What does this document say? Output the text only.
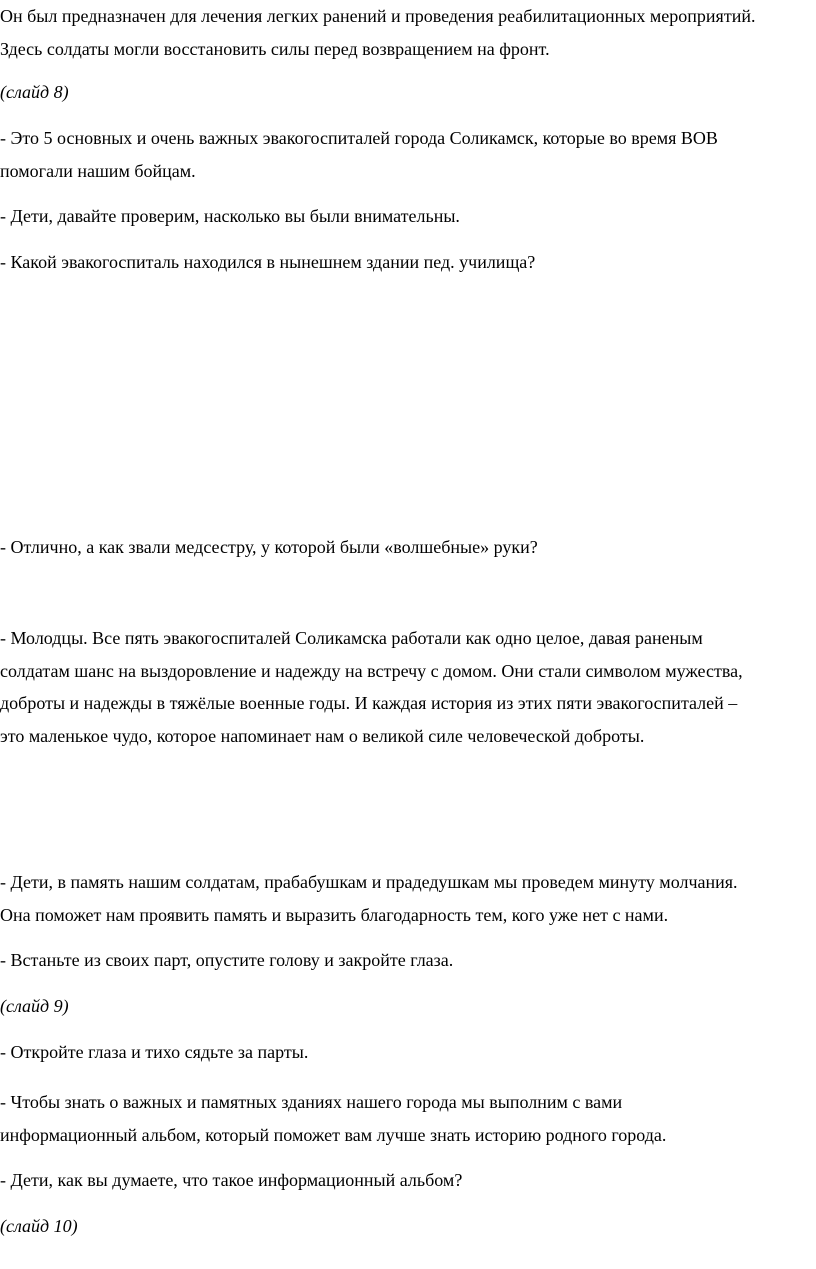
Он был предназначен для лечения легких ранений и проведения реабилитационных мероприятий.
Здесь солдаты могли восстановить силы перед возвращением на фронт.

(слайд 8)

- Это 5 основных и очень важных эвакогоспиталей города Соликамск, которые во время ВОВ
помогали нашим бойцам.

- Дети, давайте проверим, насколько вы были внимательны.

- Какой эвакогоспиталь находился в нынешнем здании пед. училища?

- Отлично, а как звали медсестру, у которой были «волшебные» руки?

- Молодцы. Все пять эвакогоспиталей Соликамска работали как одно целое, давая раненым
солдатам шанс на выздоровление и надежду на встречу с домом. Они стали символом мужества,
доброты и надежды в тяжёлые военные годы. И каждая история из этих пяти эвакогоспиталей –
это маленькое чудо, которое напоминает нам о великой силе человеческой доброты.

- Дети, в память нашим солдатам, прабабушкам и прадедушкам мы проведем минуту молчания.
Она поможет нам проявить память и выразить благодарность тем, кого уже нет с нами.

- Встаньте из своих парт, опустите голову и закройте глаза.

(слайд 9)

- Откройте глаза и тихо сядьте за парты.

- Чтобы знать о важных и памятных зданиях нашего города мы выполним с вами
информационный альбом, который поможет вам лучше знать историю родного города.

- Дети, как вы думаете, что такое информационный альбом?

(слайд 10)
